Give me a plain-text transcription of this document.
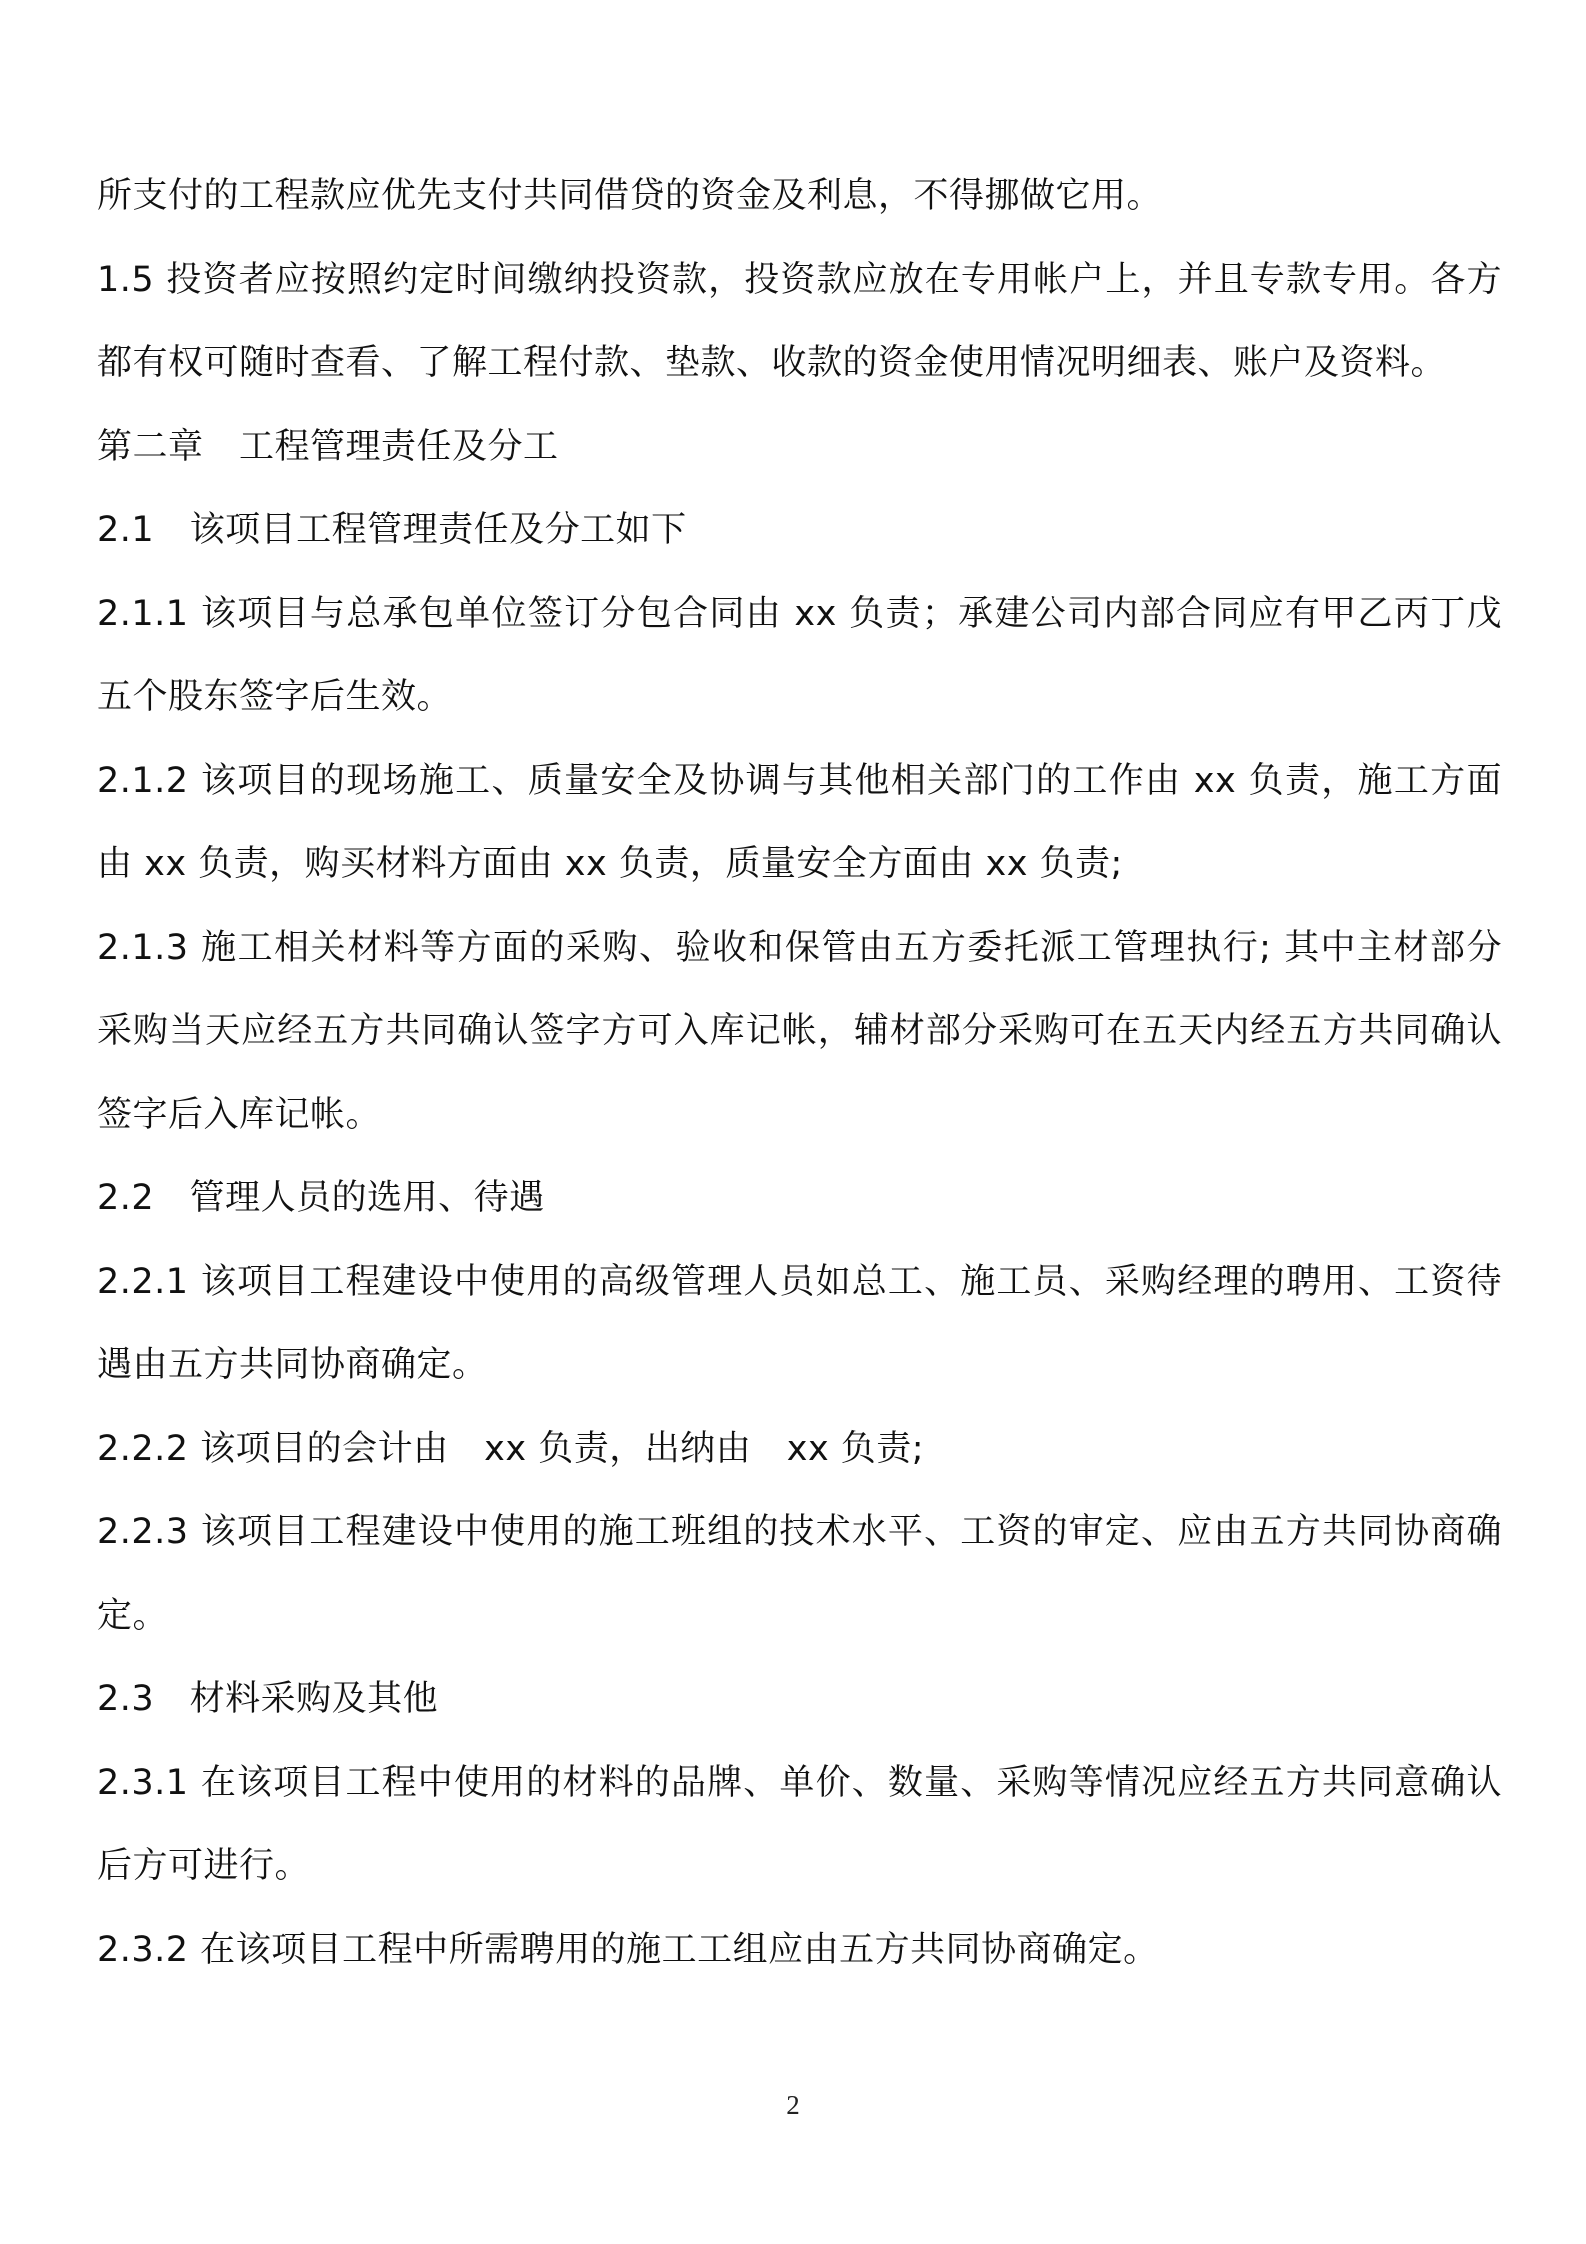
所支付的工程款应优先支付共同借贷的资金及利息，不得挪做它用。

1.5 投资者应按照约定时间缴纳投资款，投资款应放在专用帐户上，并且专款专用。各方都有权可随时查看、了解工程付款、垫款、收款的资金使用情况明细表、账户及资料。

第二章　工程管理责任及分工

2.1　该项目工程管理责任及分工如下

2.1.1 该项目与总承包单位签订分包合同由 xx 负责；承建公司内部合同应有甲乙丙丁戊五个股东签字后生效。

2.1.2 该项目的现场施工、质量安全及协调与其他相关部门的工作由 xx 负责，施工方面由 xx 负责，购买材料方面由 xx 负责，质量安全方面由 xx 负责;

2.1.3 施工相关材料等方面的采购、验收和保管由五方委托派工管理执行; 其中主材部分采购当天应经五方共同确认签字方可入库记帐，辅材部分采购可在五天内经五方共同确认签字后入库记帐。

2.2　管理人员的选用、待遇

2.2.1 该项目工程建设中使用的高级管理人员如总工、施工员、采购经理的聘用、工资待遇由五方共同协商确定。

2.2.2 该项目的会计由　xx 负责，出纳由　xx 负责;

2.2.3 该项目工程建设中使用的施工班组的技术水平、工资的审定、应由五方共同协商确定。

2.3　材料采购及其他

2.3.1 在该项目工程中使用的材料的品牌、单价、数量、采购等情况应经五方共同意确认后方可进行。

2.3.2 在该项目工程中所需聘用的施工工组应由五方共同协商确定。

2
